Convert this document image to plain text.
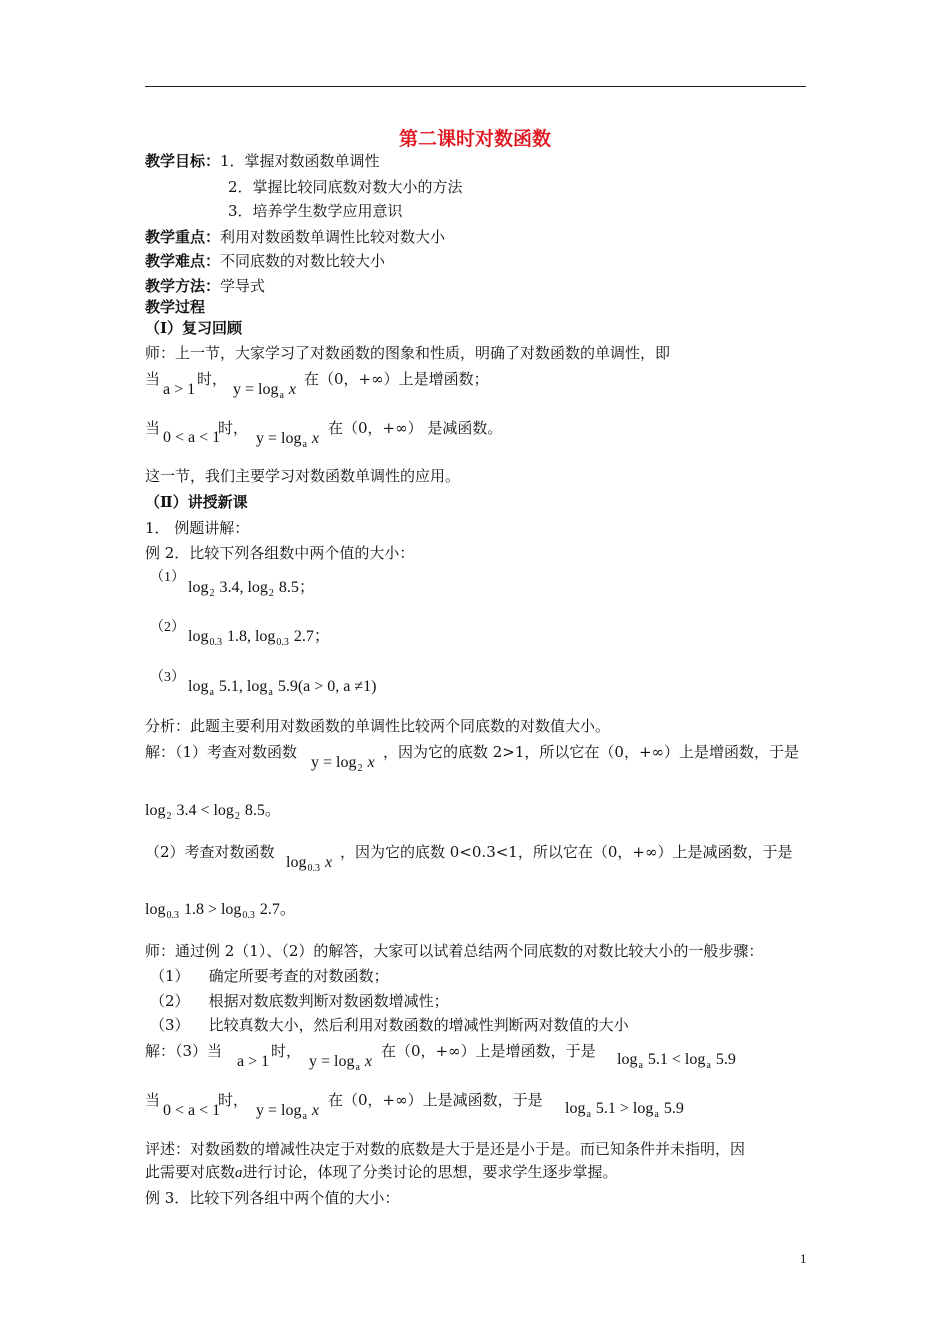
第二课时对数函数
教学目标：1．掌握对数函数单调性
2．掌握比较同底数对数大小的方法
3．培养学生数学应用意识
教学重点：利用对数函数单调性比较对数大小
教学难点：不同底数的对数比较大小
教学方法：学导式
教学过程
（I）复习回顾
师：上一节，大家学习了对数函数的图象和性质，明确了对数函数的单调性，即
当
a > 1
时，
$y = \log_a x$
在（0，+∞）上是增函数；
当
0 < a < 1
时，
$y = \log_a x$
在（0，+∞） 是减函数。
这一节，我们主要学习对数函数单调性的应用。
（Ⅱ）讲授新课
1． 例题讲解：
例 2．比较下列各组数中两个值的大小：
（1）
$\log_2 3.4$, $\log_2 8.5$；
（2）
$\log_{0.3} 1.8$, $\log_{0.3} 2.7$；
（3）
$\log_a 5.1$, $\log_a 5.9(a > 0$, a ≠1)
分析：此题主要利用对数函数的单调性比较两个同底数的对数值大小。
解：（1）考查对数函数
$y = \log_2 x$
，因为它的底数 2>1，所以它在（0，+∞）上是增函数，于是
$\log_2 3.4 < \log_2 8.5$。
（2）考查对数函数
$\log_{0.3} x$
，因为它的底数 0<0.3<1，所以它在（0，+∞）上是减函数，于是
$\log_{0.3} 1.8 > \log_{0.3} 2.7$。
师：通过例 2（1）、（2）的解答，大家可以试着总结两个同底数的对数比较大小的一般步骤：
（1） 确定所要考查的对数函数；
（2） 根据对数底数判断对数函数增减性；
（3） 比较真数大小，然后利用对数函数的增减性判断两对数值的大小
解：（3）当
a > 1
时，
$y = \log_a x$
在（0，+∞）上是增函数，于是 $\log_a 5.1 < \log_a 5.9$
当
0 < a < 1
时，
$y = \log_a x$
在（0，+∞）上是减函数，于是 $\log_a 5.1 > \log_a 5.9$
评述：对数函数的增减性决定于对数的底数是大于是还是小于是。而已知条件并未指明，因
此需要对底数a进行讨论，体现了分类讨论的思想，要求学生逐步掌握。
例 3．比较下列各组中两个值的大小：
1
